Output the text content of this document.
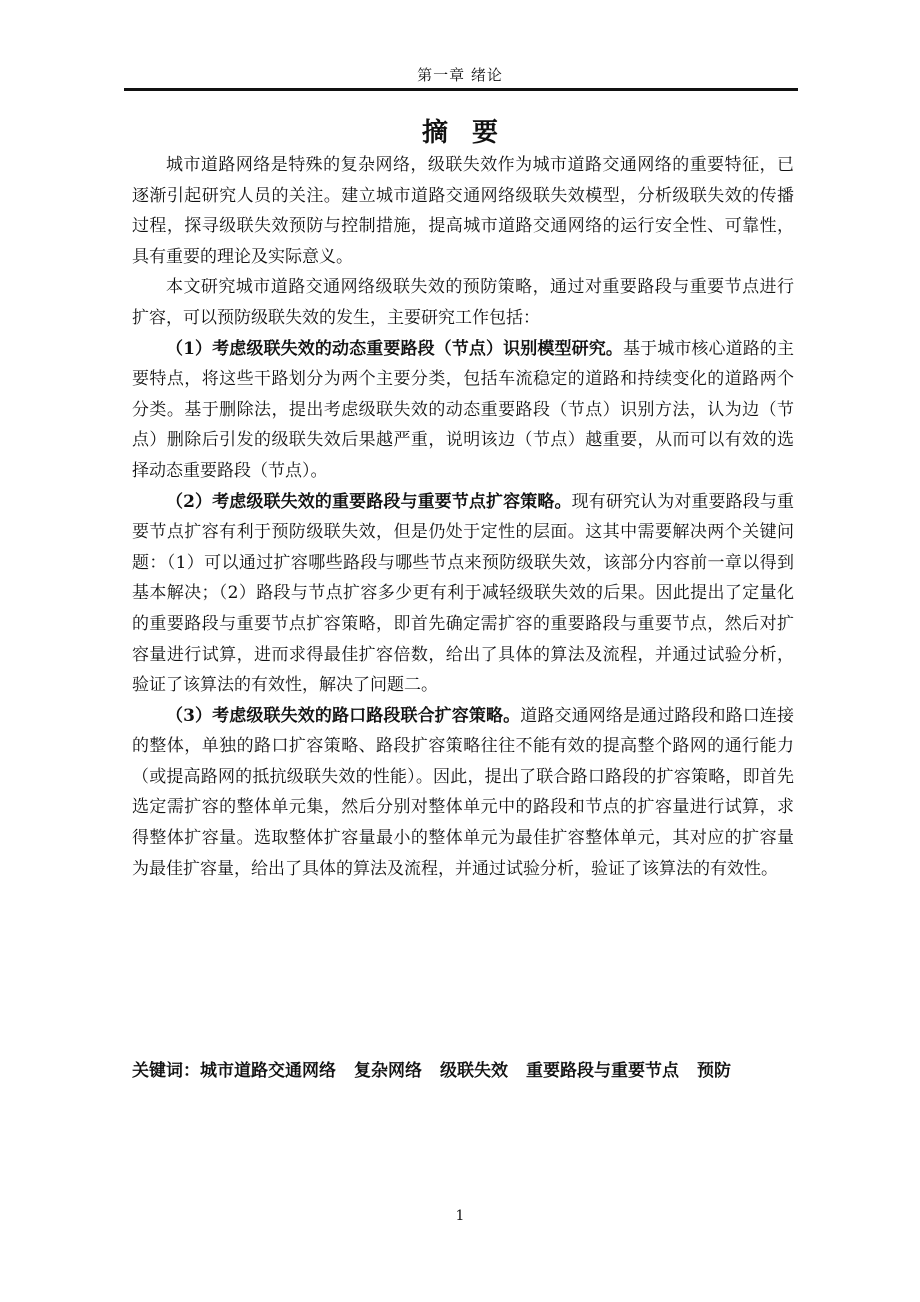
第一章 绪论
摘要

城市道路网络是特殊的复杂网络，级联失效作为城市道路交通网络的重要特征，已逐渐引起研究人员的关注。建立城市道路交通网络级联失效模型，分析级联失效的传播过程，探寻级联失效预防与控制措施，提高城市道路交通网络的运行安全性、可靠性，具有重要的理论及实际意义。

本文研究城市道路交通网络级联失效的预防策略，通过对重要路段与重要节点进行扩容，可以预防级联失效的发生，主要研究工作包括：

（1）考虑级联失效的动态重要路段（节点）识别模型研究。基于城市核心道路的主要特点，将这些干路划分为两个主要分类，包括车流稳定的道路和持续变化的道路两个分类。基于删除法，提出考虑级联失效的动态重要路段（节点）识别方法，认为边（节点）删除后引发的级联失效后果越严重，说明该边（节点）越重要，从而可以有效的选择动态重要路段（节点）。

（2）考虑级联失效的重要路段与重要节点扩容策略。现有研究认为对重要路段与重要节点扩容有利于预防级联失效，但是仍处于定性的层面。这其中需要解决两个关键问题：（1）可以通过扩容哪些路段与哪些节点来预防级联失效，该部分内容前一章以得到基本解决；（2）路段与节点扩容多少更有利于减轻级联失效的后果。因此提出了定量化的重要路段与重要节点扩容策略，即首先确定需扩容的重要路段与重要节点，然后对扩容量进行试算，进而求得最佳扩容倍数，给出了具体的算法及流程，并通过试验分析，验证了该算法的有效性，解决了问题二。

（3）考虑级联失效的路口路段联合扩容策略。道路交通网络是通过路段和路口连接的整体，单独的路口扩容策略、路段扩容策略往往不能有效的提高整个路网的通行能力（或提高路网的抵抗级联失效的性能）。因此，提出了联合路口路段的扩容策略，即首先选定需扩容的整体单元集，然后分别对整体单元中的路段和节点的扩容量进行试算，求得整体扩容量。选取整体扩容量最小的整体单元为最佳扩容整体单元，其对应的扩容量为最佳扩容量，给出了具体的算法及流程，并通过试验分析，验证了该算法的有效性。

关键词：城市道路交通网络 复杂网络 级联失效 重要路段与重要节点 预防
1
